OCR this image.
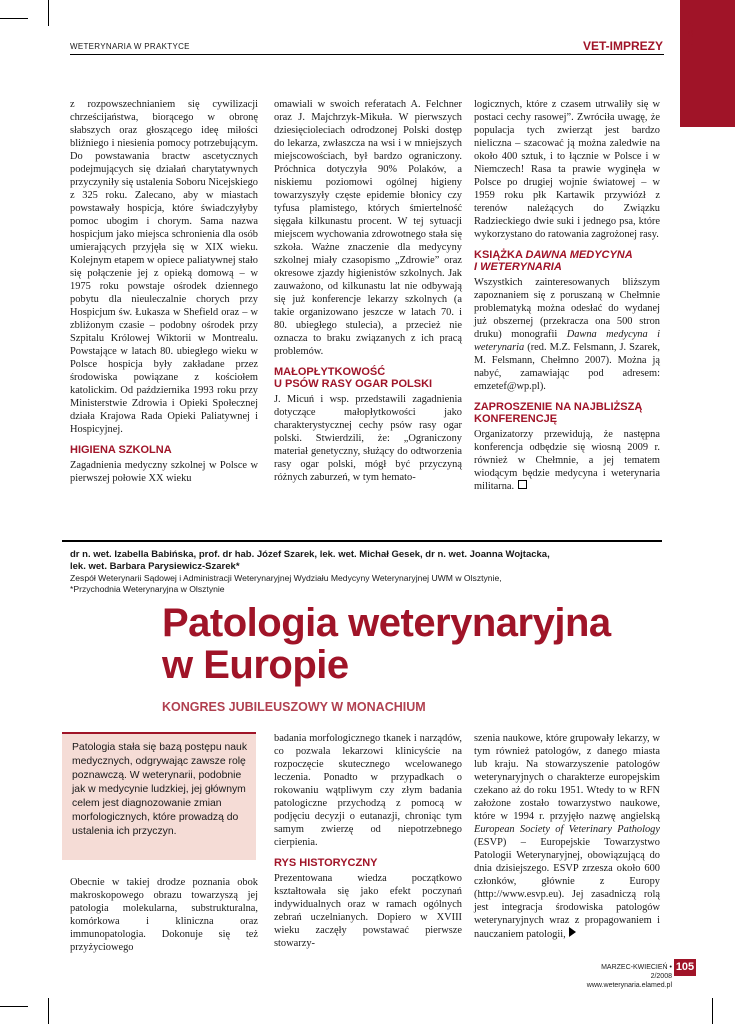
WETERYNARIA W PRAKTYCE	VET-IMPREZY	REALCJA

z rozpowszechnianiem się cywilizacji chrześcijaństwa, biorącego w obronę słabszych oraz głoszącego ideę miłości bliźniego i niesienia pomocy potrzebującym. Do powstawania bractw ascetycznych podejmujących się działań charytatywnych przyczyniły się ustalenia Soboru Nicejskiego z 325 roku. Zalecano, aby w miastach powstawały hospicja, które świadczyłyby pomoc ubogim i chorym. Sama nazwa hospicjum jako miejsca schronienia dla osób umierających przyjęła się w XIX wieku. Kolejnym etapem w opiece paliatywnej stało się połączenie jej z opieką domową – w 1975 roku powstaje ośrodek dziennego pobytu dla nieuleczalnie chorych przy Hospicjum św. Łukasza w Shefield oraz – w zbliżonym czasie – podobny ośrodek przy Szpitalu Królowej Wiktorii w Montrealu. Powstające w latach 80. ubiegłego wieku w Polsce hospicja były zakładane przez środowiska powiązane z kościołem katolickim. Od października 1993 roku przy Ministerstwie Zdrowia i Opieki Społecznej działa Krajowa Rada Opieki Paliatywnej i Hospicyjnej.

HIGIENA SZKOLNA

Zagadnienia medyczny szkolnej w Polsce w pierwszej połowie XX wieku

omawiali w swoich referatach A. Felchner oraz J. Majchrzyk-Mikuła. W pierwszych dziesięcioleciach odrodzonej Polski dostęp do lekarza, zwłaszcza na wsi i w mniejszych miejscowościach, był bardzo ograniczony. Próchnica dotyczyła 90% Polaków, a niskiemu poziomowi ogólnej higieny towarzyszyły częste epidemie błonicy czy tyfusa plamistego, których śmiertelność sięgała kilkunastu procent. W tej sytuacji miejscem wychowania zdrowotnego stała się szkoła. Ważne znaczenie dla medycyny szkolnej miały czasopismo „Zdrowie” oraz okresowe zjazdy higienistów szkolnych. Jak zauważono, od kilkunastu lat nie odbywają się już konferencje lekarzy szkolnych (a takie organizowano jeszcze w latach 70. i 80. ubiegłego stulecia), a przecież nie oznacza to braku związanych z ich pracą problemów.

MAŁOPŁYTKOWOŚĆ
U PSÓW RASY OGAR POLSKI

J. Micuń i wsp. przedstawili zagadnienia dotyczące małopłytkowości jako charakterystycznej cechy psów rasy ogar polski. Stwierdzili, że: „Ograniczony materiał genetyczny, służący do odtworzenia rasy ogar polski, mógł być przyczyną różnych zaburzeń, w tym hemato-

logicznych, które z czasem utrwaliły się w postaci cechy rasowej”. Zwróciła uwagę, że populacja tych zwierząt jest bardzo nieliczna – szacować ją można zaledwie na około 400 sztuk, i to łącznie w Polsce i w Niemczech! Rasa ta prawie wyginęła w Polsce po drugiej wojnie światowej – w 1959 roku płk Kartawik przywiózł z terenów należących do Związku Radzieckiego dwie suki i jednego psa, które wykorzystano do ratowania zagrożonej rasy.

KSIĄŻKA DAWNA MEDYCYNA
I WETERYNARIA

Wszystkich zainteresowanych bliższym zapoznaniem się z poruszaną w Chełmnie problematyką można odesłać do wydanej już obszernej (przekracza ona 500 stron druku) monografii Dawna medycyna i weterynaria (red. M.Z. Felsmann, J. Szarek, M. Felsmann, Chełmno 2007). Można ją nabyć, zamawiając pod adresem: emzetef@wp.pl).

ZAPROSZENIE NA NAJBLIŻSZĄ
KONFERENCJĘ

Organizatorzy przewidują, że następna konferencja odbędzie się wiosną 2009 r. również w Chełmnie, a jej tematem wiodącym będzie medycyna i weterynaria militarna.

dr n. wet. Izabella Babińska, prof. dr hab. Józef Szarek, lek. wet. Michał Gesek, dr n. wet. Joanna Wojtacka,
lek. wet. Barbara Parysiewicz-Szarek*
Zespół Weterynarii Sądowej i Administracji Weterynaryjnej Wydziału Medycyny Weterynaryjnej UWM w Olsztynie,
*Przychodnia Weterynaryjna w Olsztynie
Patologia weterynaryjna
w Europie
KONGRES JUBILEUSZOWY W MONACHIUM
Patologia stała się bazą postępu nauk medycznych, odgrywając zawsze rolę poznawczą. W weterynarii, podobnie jak w medycynie ludzkiej, jej głównym celem jest diagnozowanie zmian morfologicznych, które prowadzą do ustalenia ich przyczyn.

Obecnie w takiej drodze poznania obok makroskopowego obrazu towarzyszą jej patologia molekularna, substrukturalna, komórkowa i kliniczna oraz immunopatologia. Dokonuje się też przyżyciowego

badania morfologicznego tkanek i narządów, co pozwala lekarzowi klinicyście na rozpoczęcie skutecznego wcelowanego leczenia. Ponadto w przypadkach o rokowaniu wątpliwym czy złym badania patologiczne przychodzą z pomocą w podjęciu decyzji o eutanazji, chroniąc tym samym zwierzę od niepotrzebnego cierpienia.

RYS HISTORYCZNY

Prezentowana wiedza początkowo kształtowała się jako efekt poczynań indywidualnych oraz w ramach ogólnych zebrań uczelnianych. Dopiero w XVIII wieku zaczęły powstawać pierwsze stowarzy-

szenia naukowe, które grupowały lekarzy, w tym również patologów, z danego miasta lub kraju. Na stowarzyszenie patologów weterynaryjnych o charakterze europejskim czekano aż do roku 1951. Wtedy to w RFN założone zostało towarzystwo naukowe, które w 1994 r. przyjęło nazwę angielską European Society of Veterinary Pathology (ESVP) – Europejskie Towarzystwo Patologii Weterynaryjnej, obowiązującą do dnia dzisiejszego. ESVP zrzesza około 600 członków, głównie z Europy (http://www.esvp.eu). Jej zasadniczą rolą jest integracja środowiska patologów weterynaryjnych wraz z propagowaniem i nauczaniem patologii,

MARZEC-KWIECIEŃ • 2/2008
www.weterynaria.elamed.pl
105
